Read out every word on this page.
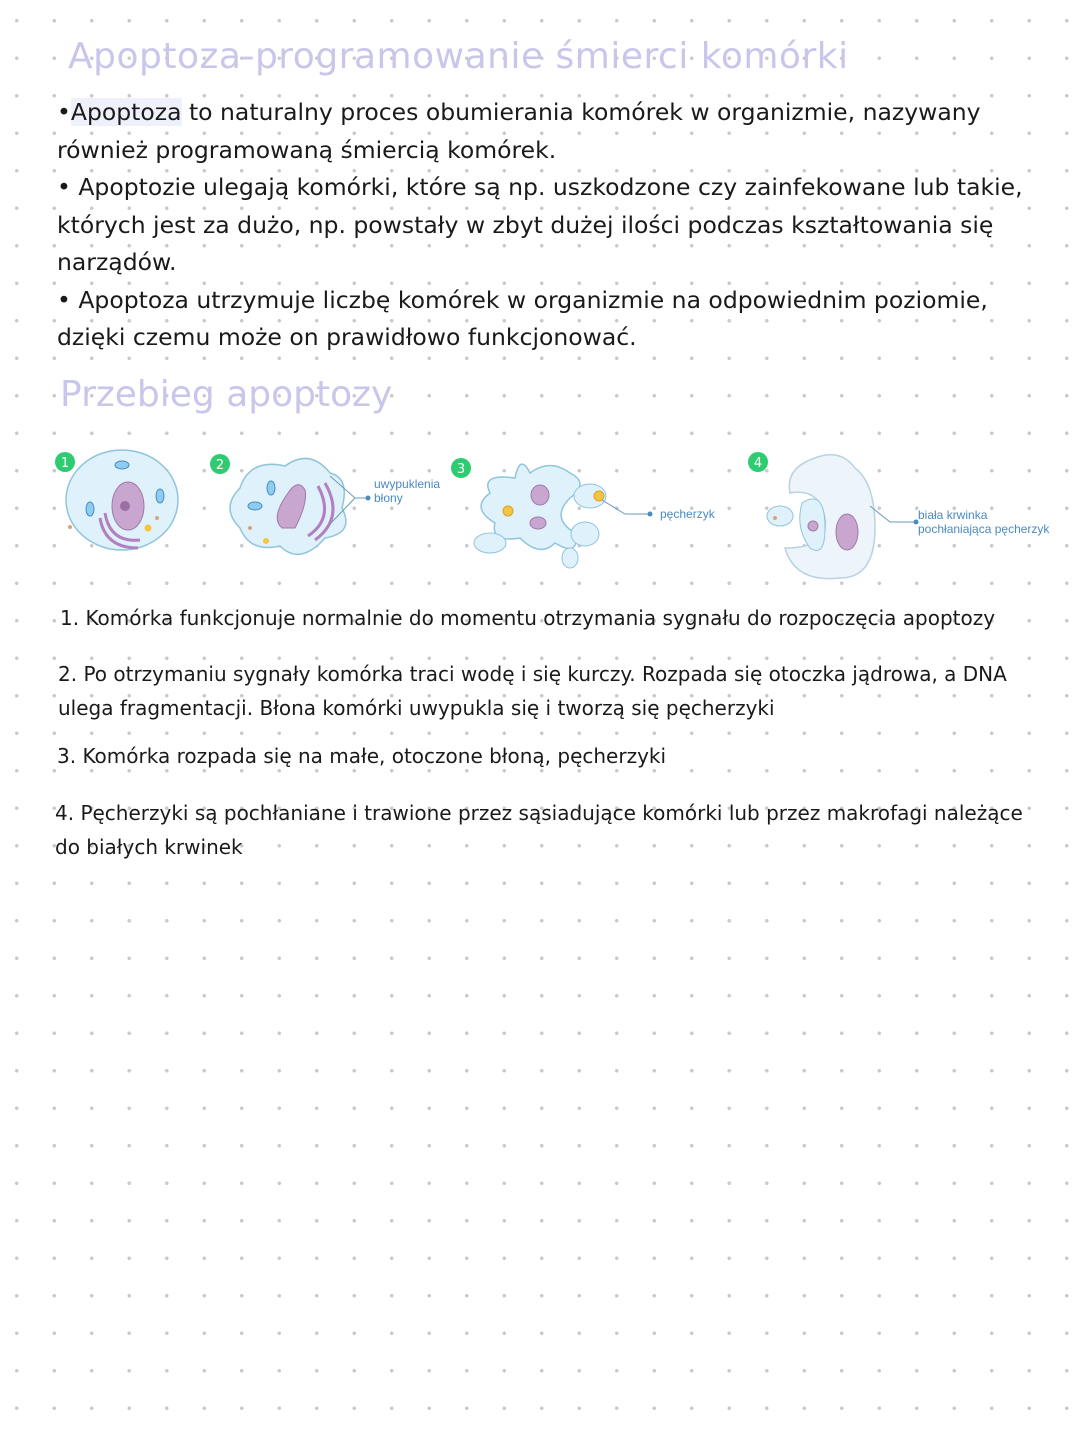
Apoptoza-programowanie śmierci komórki
•Apoptoza to naturalny proces obumierania komórek w organizmie, nazywany również programowaną śmiercią komórek.
• Apoptozie ulegają komórki, które są np. uszkodzone czy zainfekowane lub takie, których jest za dużo, np. powstały w zbyt dużej ilości podczas kształtowania się narządów.
• Apoptoza utrzymuje liczbę komórek w organizmie na odpowiednim poziomie, dzięki czemu może on prawidłowo funkcjonować.
Przebieg apoptozy
1
uwypuklenia
błony
2
pęcherzyk
3
biała krwinka
pochłaniająca pęcherzyk
4
1. Komórka funkcjonuje normalnie do momentu otrzymania sygnału do rozpoczęcia apoptozy
2. Po otrzymaniu sygnały komórka traci wodę i się kurczy. Rozpada się otoczka jądrowa, a DNA ulega fragmentacji. Błona komórki uwypukla się i tworzą się pęcherzyki
3. Komórka rozpada się na małe, otoczone błoną, pęcherzyki
4. Pęcherzyki są pochłaniane i trawione przez sąsiadujące komórki lub przez makrofagi należące do białych krwinek
